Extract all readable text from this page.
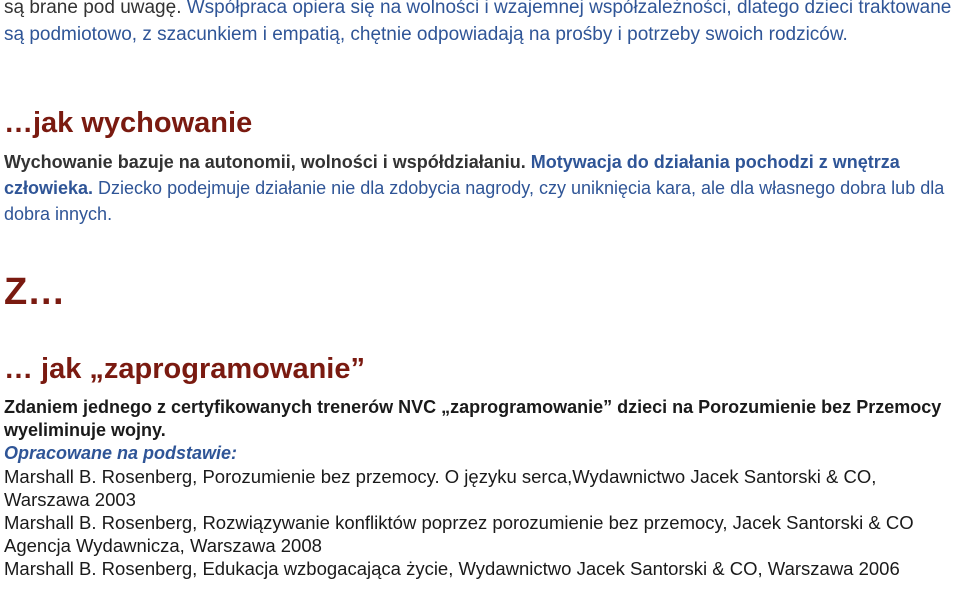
są brane pod uwagę. Współpraca opiera się na wolności i wzajemnej współzależności, dlatego dzieci traktowane są podmiotowo, z szacunkiem i empatią, chętnie odpowiadają na prośby i potrzeby swoich rodziców.

…jak wychowanie

Wychowanie bazuje na autonomii, wolności i współdziałaniu. Motywacja do działania pochodzi z wnętrza człowieka. Dziecko podejmuje działanie nie dla zdobycia nagrody, czy uniknięcia kara, ale dla własnego dobra lub dla dobra innych.

Z…
… jak „zaprogramowanie”
Zdaniem jednego z certyfikowanych trenerów NVC „zaprogramowanie” dzieci na Porozumienie bez Przemocy wyeliminuje wojny.
Opracowane na podstawie:
Marshall B. Rosenberg, Porozumienie bez przemocy. O języku serca,Wydawnictwo Jacek Santorski & CO, Warszawa 2003
Marshall B. Rosenberg, Rozwiązywanie konfliktów poprzez porozumienie bez przemocy, Jacek Santorski & CO Agencja Wydawnicza, Warszawa 2008
Marshall B. Rosenberg, Edukacja wzbogacająca życie, Wydawnictwo Jacek Santorski & CO, Warszawa 2006
